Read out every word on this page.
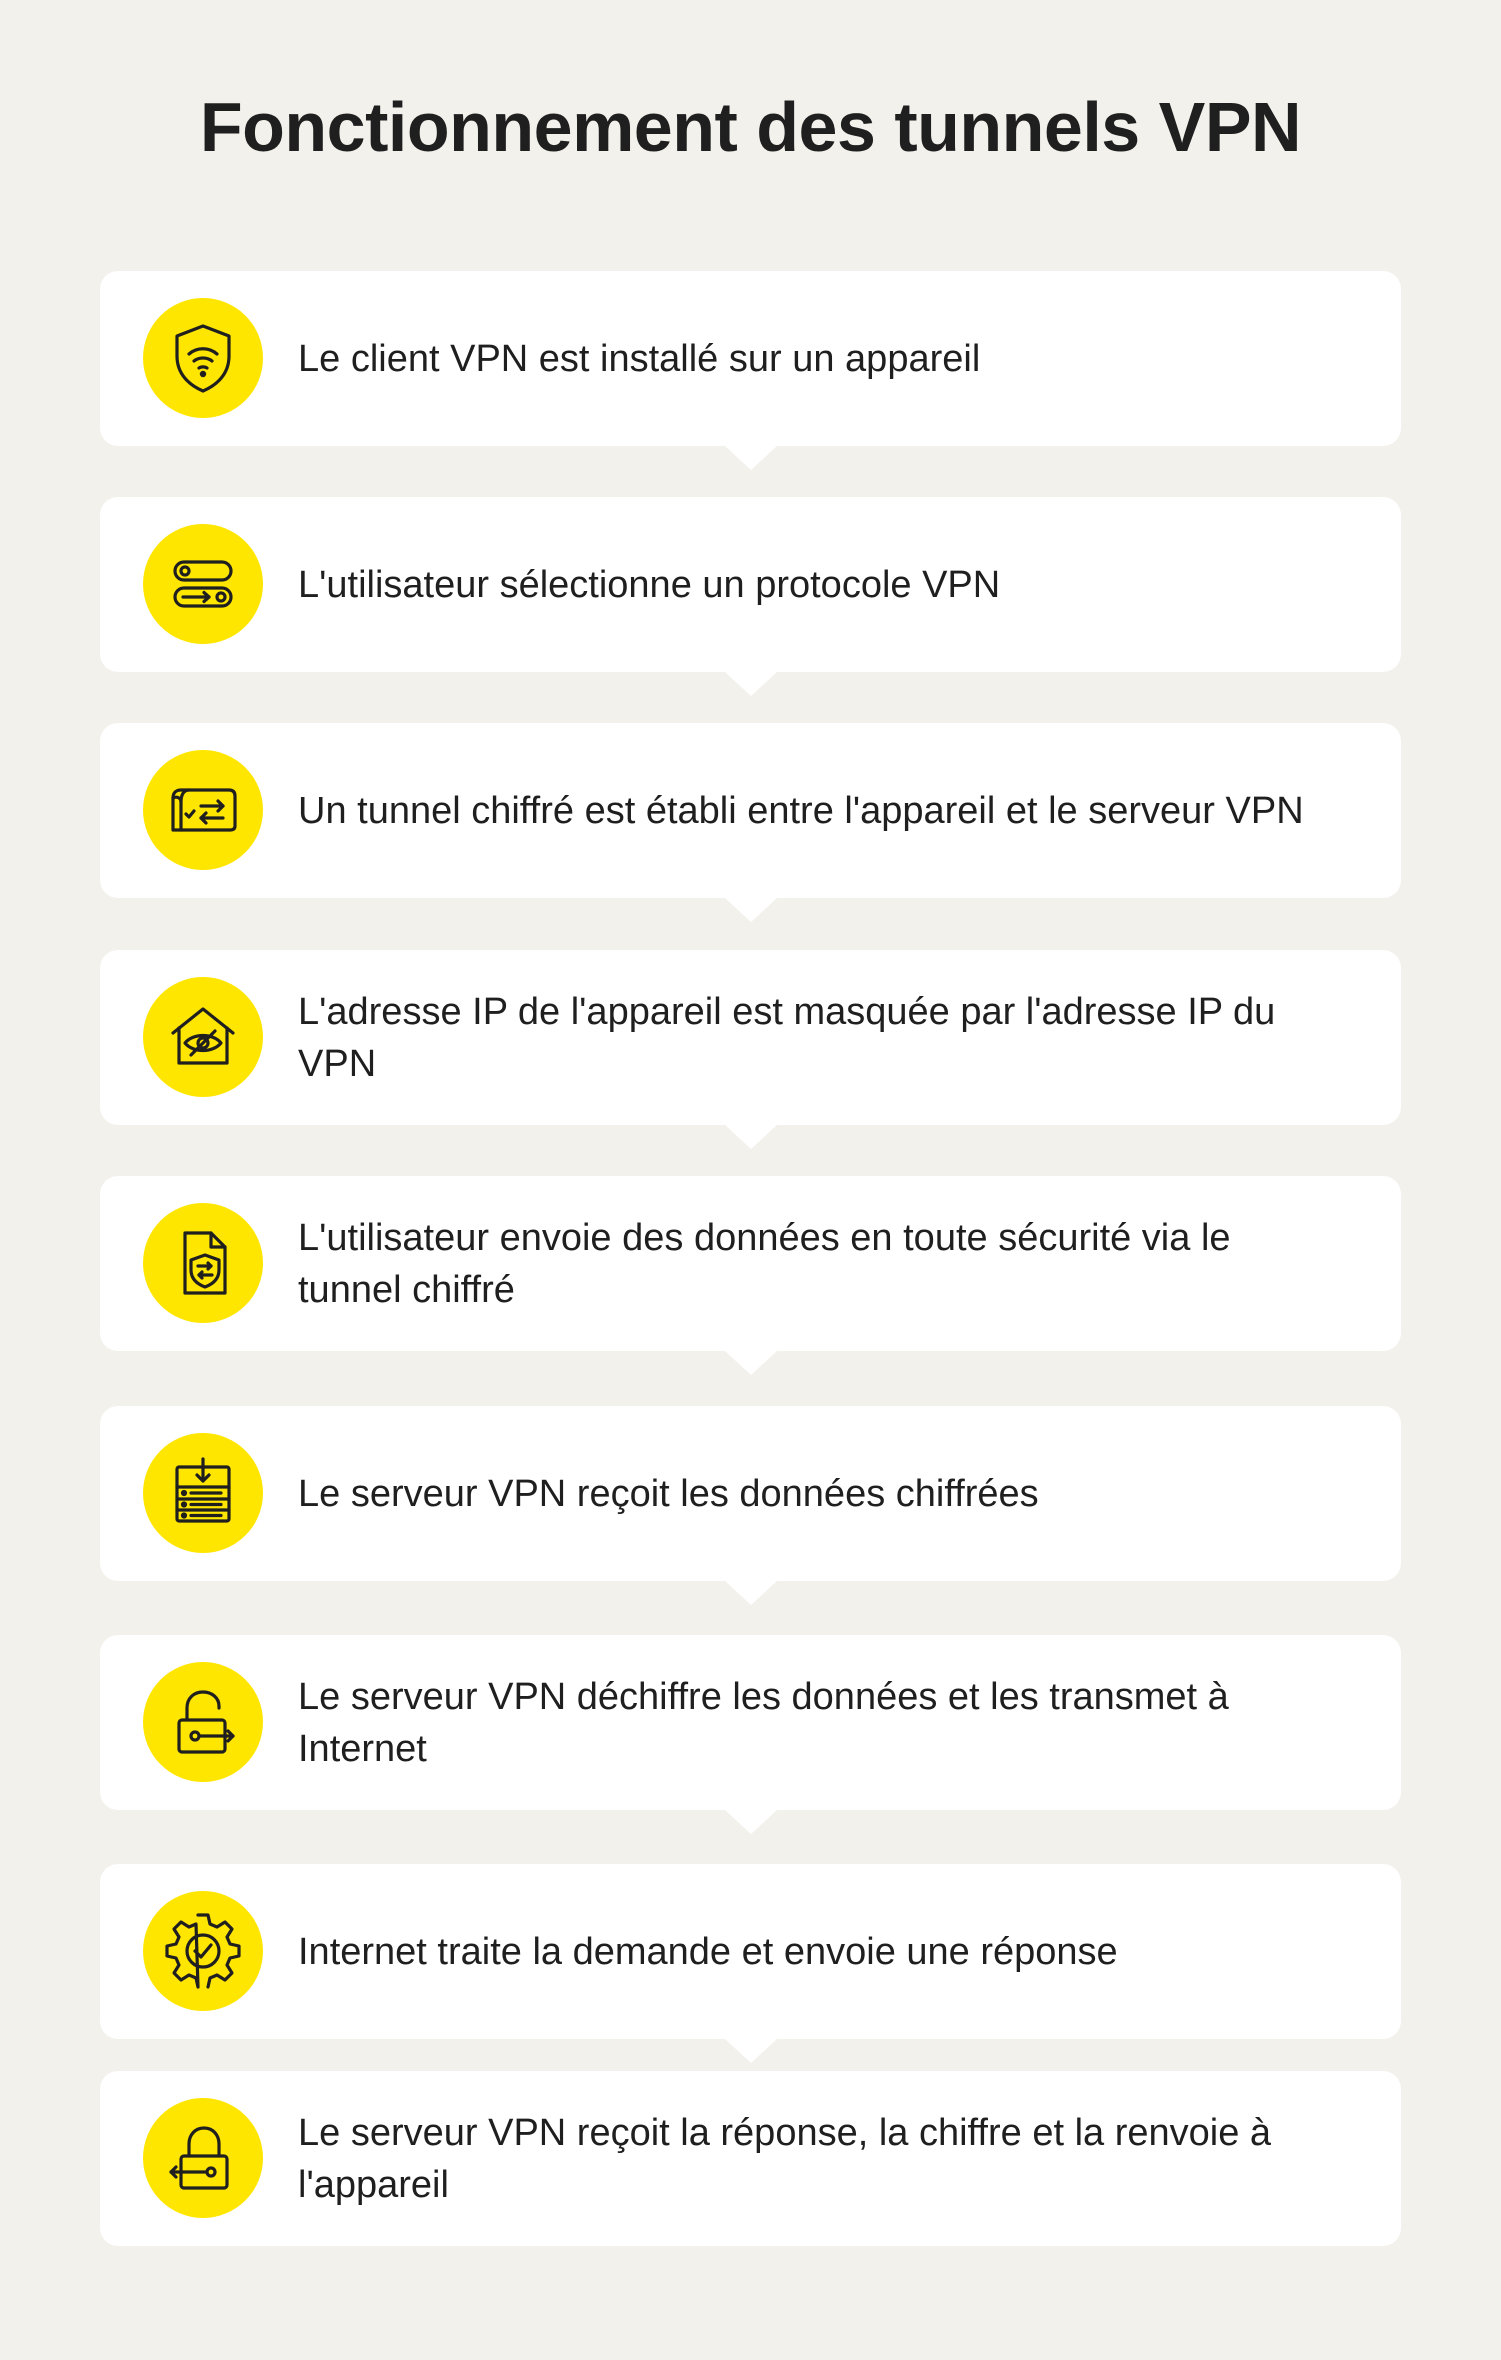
Fonctionnement des tunnels VPN
Le client VPN est installé sur un appareil
L'utilisateur sélectionne un protocole VPN
Un tunnel chiffré est établi entre l'appareil et le serveur VPN
L'adresse IP de l'appareil est masquée par l'adresse IP du VPN
L'utilisateur envoie des données en toute sécurité via le tunnel chiffré
Le serveur VPN reçoit les données chiffrées
Le serveur VPN déchiffre les données et les transmet à Internet
Internet traite la demande et envoie une réponse
Le serveur VPN reçoit la réponse, la chiffre et la renvoie à l'appareil
